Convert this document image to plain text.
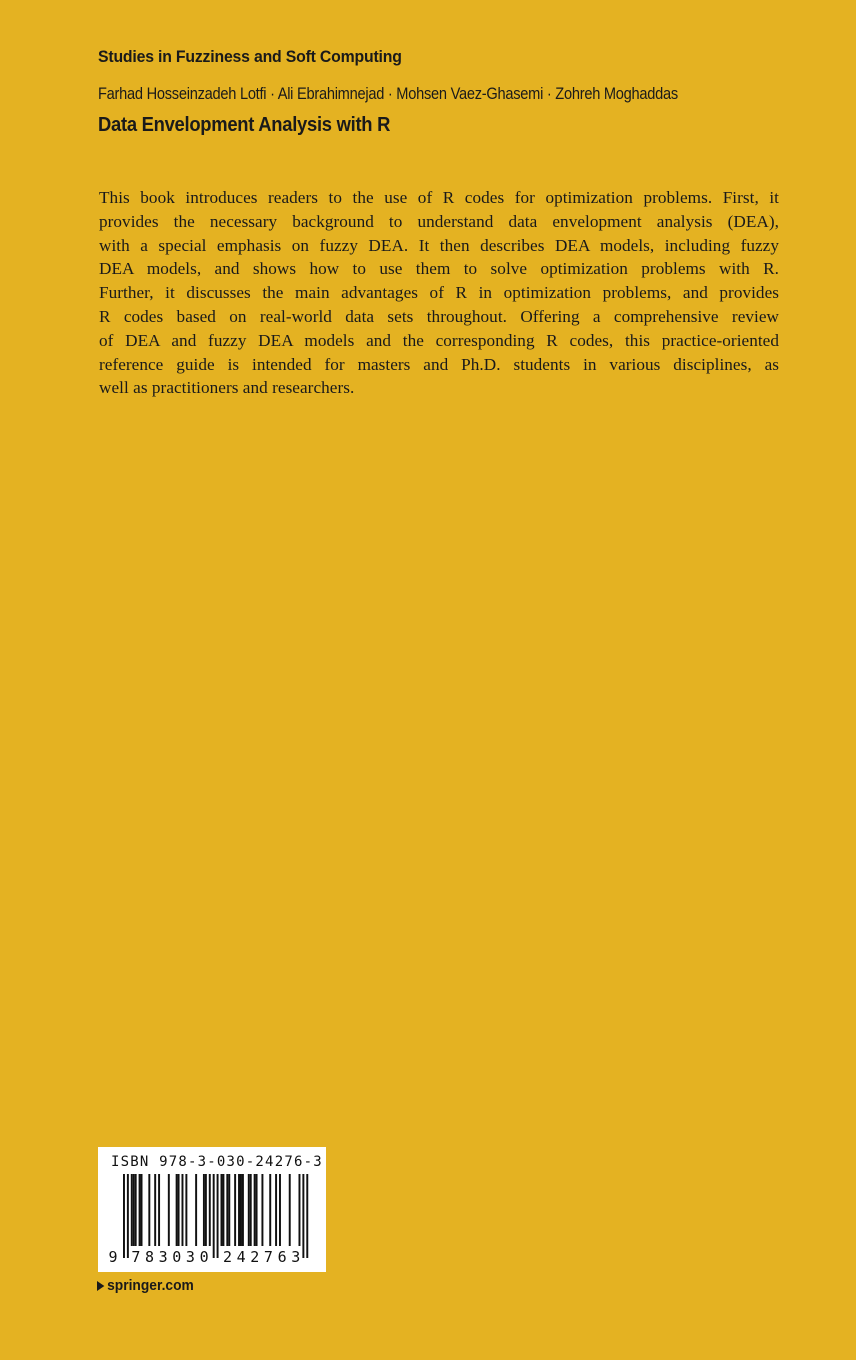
Studies in Fuzziness and Soft Computing
Farhad Hosseinzadeh Lotfi · Ali Ebrahimnejad · Mohsen Vaez-Ghasemi · Zohreh Moghaddas
Data Envelopment Analysis with R
This book introduces readers to the use of R codes for optimization problems. First, it
provides the necessary background to understand data envelopment analysis (DEA),
with a special emphasis on fuzzy DEA. It then describes DEA models, including fuzzy
DEA models, and shows how to use them to solve optimization problems with R.
Further, it discusses the main advantages of R in optimization problems, and provides
R codes based on real-world data sets throughout. Offering a comprehensive review
of DEA and fuzzy DEA models and the corresponding R codes, this practice-oriented
reference guide is intended for masters and Ph.D. students in various disciplines, as
well as practitioners and researchers.
ISBN 978-3-030-24276-3
9 7 8 3 0 3 0 2 4 2 7 6 3
springer.com
